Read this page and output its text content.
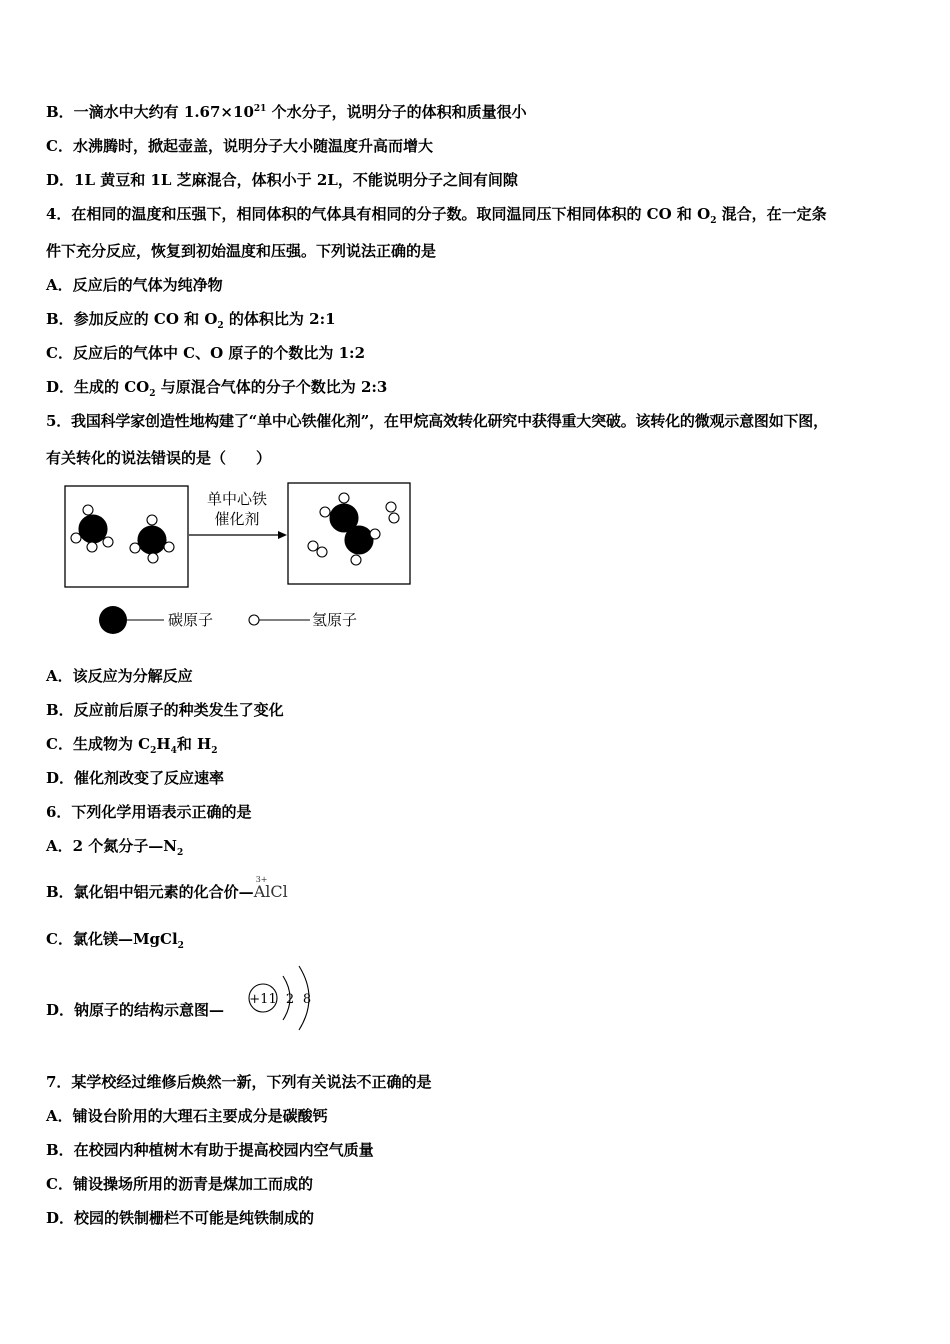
B．一滴水中大约有 $1.67\times 10^{21}$ 个水分子，说明分子的体积和质量很小
C．水沸腾时，掀起壶盖，说明分子大小随温度升高而增大
D．1L 黄豆和 1L 芝麻混合，体积小于 2L，不能说明分子之间有间隙
4．在相同的温度和压强下，相同体积的气体具有相同的分子数。取同温同压下相同体积的 CO 和 $O_2$ 混合，在一定条
件下充分反应，恢复到初始温度和压强。下列说法正确的是
A．反应后的气体为纯净物
B．参加反应的 CO 和 $O_2$ 的体积比为 2:1
C．反应后的气体中 C、O 原子的个数比为 1:2
D．生成的 $CO_2$ 与原混合气体的分子个数比为 2:3
5．我国科学家创造性地构建了“单中心铁催化剂”，在甲烷高效转化研究中获得重大突破。该转化的微观示意图如下图，
有关转化的说法错误的是（　　）
单中心铁
催化剂
碳原子	氢原子
A．该反应为分解反应
B．反应前后原子的种类发生了变化
C．生成物为 $C_2H_4$和 $H_2$
D．催化剂改变了反应速率
6．下列化学用语表示正确的是
A．2 个氮分子$—N_2$
B．氯化铝中铝元素的化合价—
3+
AlCl
C．氯化镁—MgCl$_2$
D．钠原子的结构示意图—
+11 2 8
7．某学校经过维修后焕然一新，下列有关说法不正确的是
A．铺设台阶用的大理石主要成分是碳酸钙
B．在校园内种植树木有助于提高校园内空气质量
C．铺设操场所用的沥青是煤加工而成的
D．校园的铁制栅栏不可能是纯铁制成的
